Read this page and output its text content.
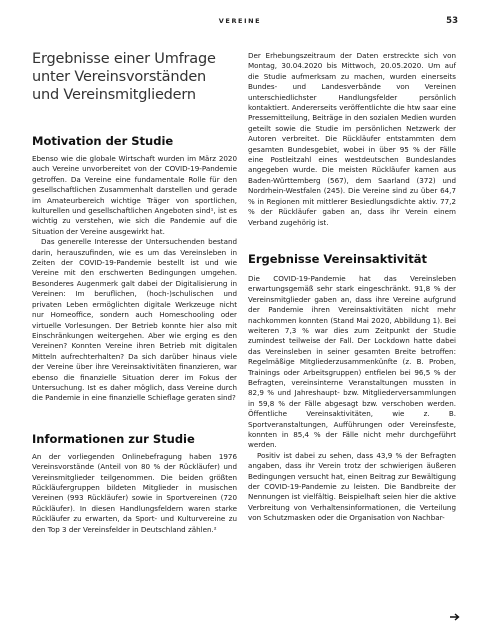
VEREINE	53
Ergebnisse einer Umfrage unter Vereinsvorständen und Vereinsmitgliedern
Motivation der Studie

Ebenso wie die globale Wirtschaft wurden im März 2020 auch Vereine unvorbereitet von der COVID-19-Pandemie getroffen. Da Vereine eine fundamentale Rolle für den gesellschaftlichen Zusammenhalt darstellen und gerade im Amateurbereich wichtige Träger von sportlichen, kulturellen und gesellschaftlichen Angeboten sind¹, ist es wichtig zu verstehen, wie sich die Pandemie auf die Situation der Vereine ausgewirkt hat.

Das generelle Interesse der Untersuchenden bestand darin, herauszufinden, wie es um das Vereinsleben in Zeiten der COVID-19-Pandemie bestellt ist und wie Vereine mit den erschwerten Bedingungen umgehen. Besonderes Augenmerk galt dabei der Digitalisierung in Vereinen: Im beruflichen, (hoch-)schulischen und privaten Leben ermöglichten digitale Werkzeuge nicht nur Homeoffice, sondern auch Homeschooling oder virtuelle Vorlesungen. Der Betrieb konnte hier also mit Einschränkungen weitergehen. Aber wie erging es den Vereinen? Konnten Vereine ihren Betrieb mit digitalen Mitteln aufrechterhalten? Da sich darüber hinaus viele der Vereine über ihre Vereinsaktivitäten finanzieren, war ebenso die finanzielle Situation derer im Fokus der Untersuchung. Ist es daher möglich, dass Vereine durch die Pandemie in eine finanzielle Schieflage geraten sind?

Informationen zur Studie

An der vorliegenden Onlinebefragung haben 1976 Vereinsvorstände (Anteil von 80 % der Rückläufer) und Vereinsmitglieder teilgenommen. Die beiden größten Rückläufergruppen bildeten Mitglieder in musischen Vereinen (993 Rückläufer) sowie in Sportvereinen (720 Rückläufer). In diesen Handlungsfeldern waren starke Rückläufer zu erwarten, da Sport- und Kulturvereine zu den Top 3 der Vereinsfelder in Deutschland zählen.²

Der Erhebungszeitraum der Daten erstreckte sich von Montag, 30.04.2020 bis Mittwoch, 20.05.2020. Um auf die Studie aufmerksam zu machen, wurden einerseits Bundes- und Landesverbände von Vereinen unterschiedlichster Handlungsfelder persönlich kontaktiert. Andererseits veröffentlichte die htw saar eine Pressemitteilung, Beiträge in den sozialen Medien wurden geteilt sowie die Studie im persönlichen Netzwerk der Autoren verbreitet. Die Rückläufer entstammten dem gesamten Bundesgebiet, wobei in über 95 % der Fälle eine Postleitzahl eines westdeutschen Bundeslandes angegeben wurde. Die meisten Rückläufer kamen aus Baden-Württemberg (567), dem Saarland (372) und Nordrhein-Westfalen (245). Die Vereine sind zu über 64,7 % in Regionen mit mittlerer Besiedlungsdichte aktiv. 77,2 % der Rückläufer gaben an, dass ihr Verein einem Verband zugehörig ist.

Ergebnisse Vereinsaktivität

Die COVID-19-Pandemie hat das Vereinsleben erwartungsgemäß sehr stark eingeschränkt. 91,8 % der Vereinsmitglieder gaben an, dass ihre Vereine aufgrund der Pandemie ihren Vereinsaktivitäten nicht mehr nachkommen konnten (Stand Mai 2020, Abbildung 1). Bei weiteren 7,3 % war dies zum Zeitpunkt der Studie zumindest teilweise der Fall. Der Lockdown hatte dabei das Vereinsleben in seiner gesamten Breite betroffen: Regelmäßige Mitgliederzusammenkünfte (z. B. Proben, Trainings oder Arbeitsgruppen) entfielen bei 96,5 % der Befragten, vereinsinterne Veranstaltungen mussten in 82,9 % und Jahreshaupt- bzw. Mitgliederversammlungen in 59,8 % der Fälle abgesagt bzw. verschoben werden. Öffentliche Vereinsaktivitäten, wie z. B. Sportveranstaltungen, Aufführungen oder Vereinsfeste, konnten in 85,4 % der Fälle nicht mehr durchgeführt werden.

Positiv ist dabei zu sehen, dass 43,9 % der Befragten angaben, dass ihr Verein trotz der schwierigen äußeren Bedingungen versucht hat, einen Beitrag zur Bewältigung der COVID-19-Pandemie zu leisten. Die Bandbreite der Nennungen ist vielfältig. Beispielhaft seien hier die aktive Verbreitung von Verhaltensinformationen, die Verteilung von Schutzmasken oder die Organisation von Nachbar-
